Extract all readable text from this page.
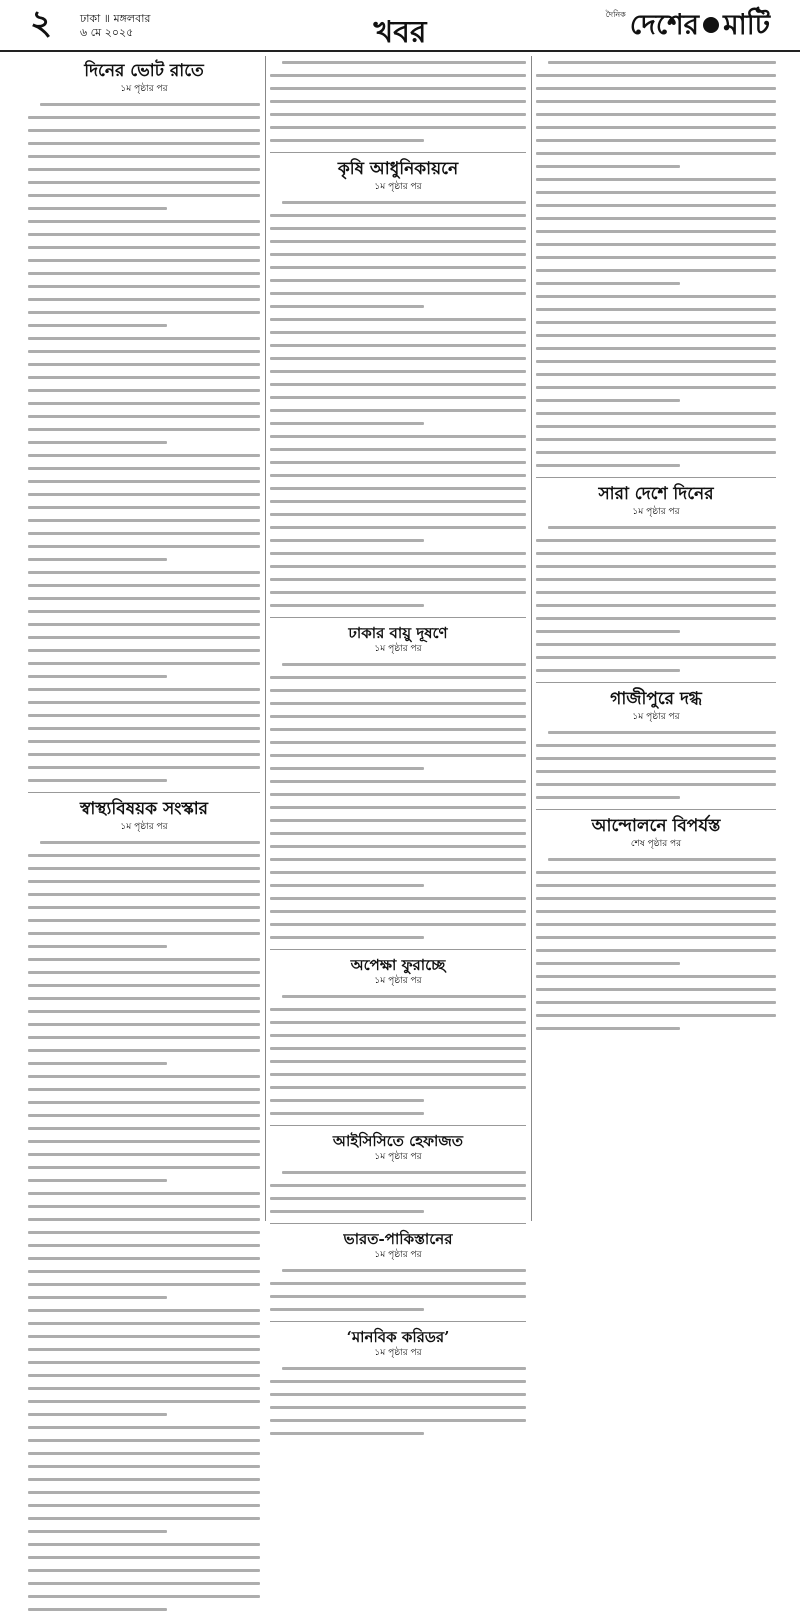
২	ঢাকা ॥ মঙ্গলবার
৬ মে ২০২৫	খবর
দৈনিক দেশের মাটি
দিনের ভোট রাতে
১ম পৃষ্ঠার পর
স্বাস্থ্যবিষয়ক সংস্কার
১ম পৃষ্ঠার পর
কৃষি আধুনিকায়নে
১ম পৃষ্ঠার পর
ঢাকার বায়ু দূষণে
১ম পৃষ্ঠার পর
অপেক্ষা ফুরাচ্ছে
১ম পৃষ্ঠার পর
আইসিসিতে হেফাজত
১ম পৃষ্ঠার পর
ভারত-পাকিস্তানের
১ম পৃষ্ঠার পর
‘মানবিক করিডর’
১ম পৃষ্ঠার পর
সারা দেশে দিনের
১ম পৃষ্ঠার পর
গাজীপুরে দগ্ধ
১ম পৃষ্ঠার পর
আন্দোলনে বিপর্যস্ত
শেষ পৃষ্ঠার পর
